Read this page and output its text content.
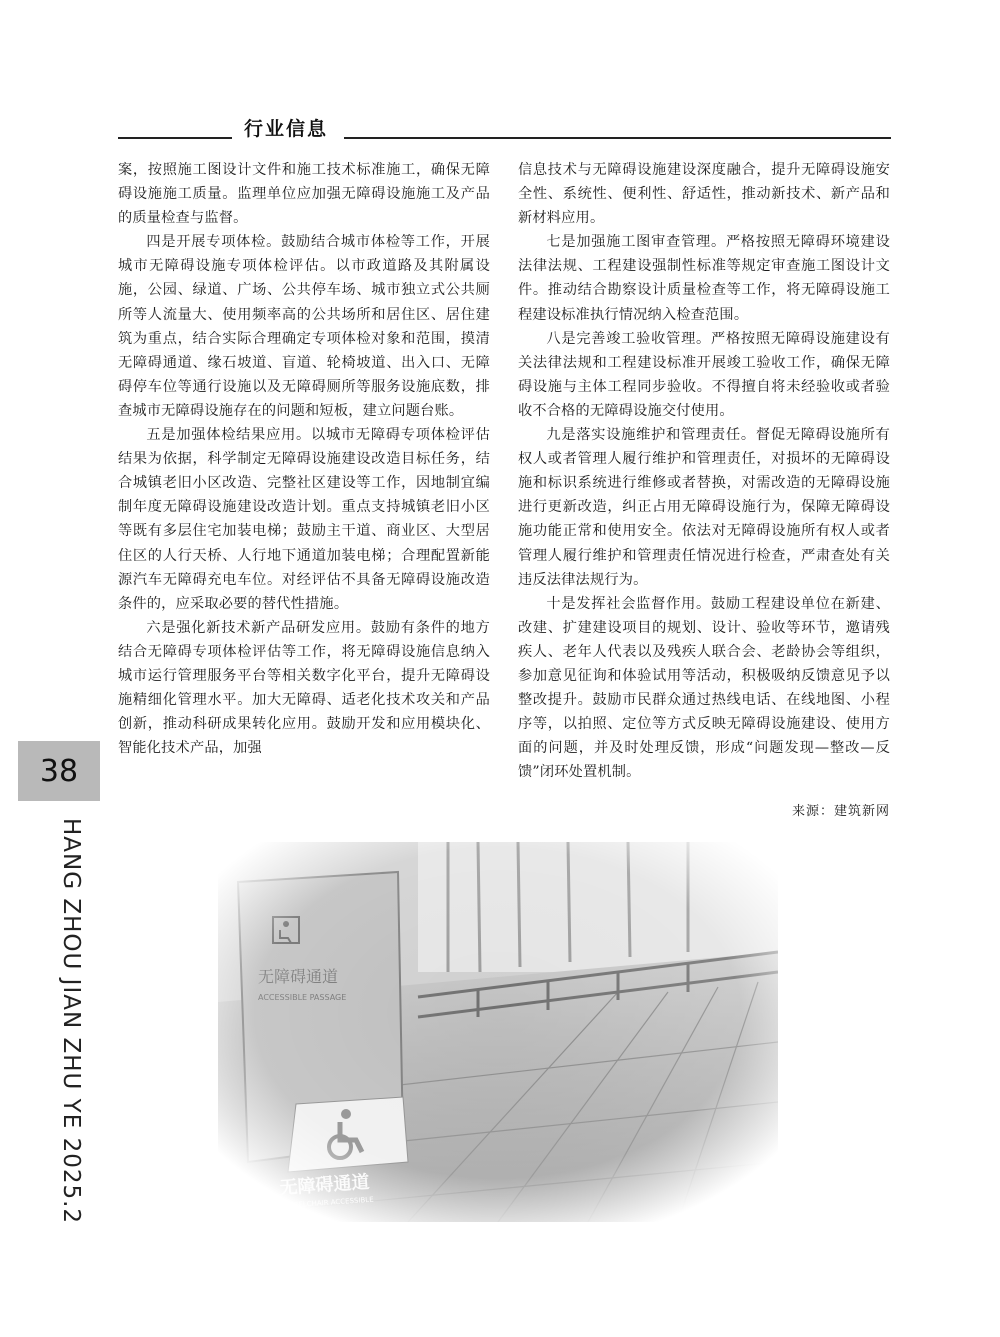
行业信息

案，按照施工图设计文件和施工技术标准施工，确保无障碍设施施工质量。监理单位应加强无障碍设施施工及产品的质量检查与监督。

四是开展专项体检。鼓励结合城市体检等工作，开展城市无障碍设施专项体检评估。以市政道路及其附属设施，公园、绿道、广场、公共停车场、城市独立式公共厕所等人流量大、使用频率高的公共场所和居住区、居住建筑为重点，结合实际合理确定专项体检对象和范围，摸清无障碍通道、缘石坡道、盲道、轮椅坡道、出入口、无障碍停车位等通行设施以及无障碍厕所等服务设施底数，排查城市无障碍设施存在的问题和短板，建立问题台账。

五是加强体检结果应用。以城市无障碍专项体检评估结果为依据，科学制定无障碍设施建设改造目标任务，结合城镇老旧小区改造、完整社区建设等工作，因地制宜编制年度无障碍设施建设改造计划。重点支持城镇老旧小区等既有多层住宅加装电梯；鼓励主干道、商业区、大型居住区的人行天桥、人行地下通道加装电梯；合理配置新能源汽车无障碍充电车位。对经评估不具备无障碍设施改造条件的，应采取必要的替代性措施。

六是强化新技术新产品研发应用。鼓励有条件的地方结合无障碍专项体检评估等工作，将无障碍设施信息纳入城市运行管理服务平台等相关数字化平台，提升无障碍设施精细化管理水平。加大无障碍、适老化技术攻关和产品创新，推动科研成果转化应用。鼓励开发和应用模块化、智能化技术产品，加强

信息技术与无障碍设施建设深度融合，提升无障碍设施安全性、系统性、便利性、舒适性，推动新技术、新产品和新材料应用。

七是加强施工图审查管理。严格按照无障碍环境建设法律法规、工程建设强制性标准等规定审查施工图设计文件。推动结合勘察设计质量检查等工作，将无障碍设施工程建设标准执行情况纳入检查范围。

八是完善竣工验收管理。严格按照无障碍设施建设有关法律法规和工程建设标准开展竣工验收工作，确保无障碍设施与主体工程同步验收。不得擅自将未经验收或者验收不合格的无障碍设施交付使用。

九是落实设施维护和管理责任。督促无障碍设施所有权人或者管理人履行维护和管理责任，对损坏的无障碍设施和标识系统进行维修或者替换，对需改造的无障碍设施进行更新改造，纠正占用无障碍设施行为，保障无障碍设施功能正常和使用安全。依法对无障碍设施所有权人或者管理人履行维护和管理责任情况进行检查，严肃查处有关违反法律法规行为。

十是发挥社会监督作用。鼓励工程建设单位在新建、改建、扩建建设项目的规划、设计、验收等环节，邀请残疾人、老年人代表以及残疾人联合会、老龄协会等组织，参加意见征询和体验试用等活动，积极吸纳反馈意见予以整改提升。鼓励市民群众通过热线电话、在线地图、小程序等，以拍照、定位等方式反映无障碍设施建设、使用方面的问题，并及时处理反馈，形成“问题发现—整改—反馈”闭环处置机制。

来源：建筑新网
38
HANG ZHOU JIAN ZHU YE 2025.2
